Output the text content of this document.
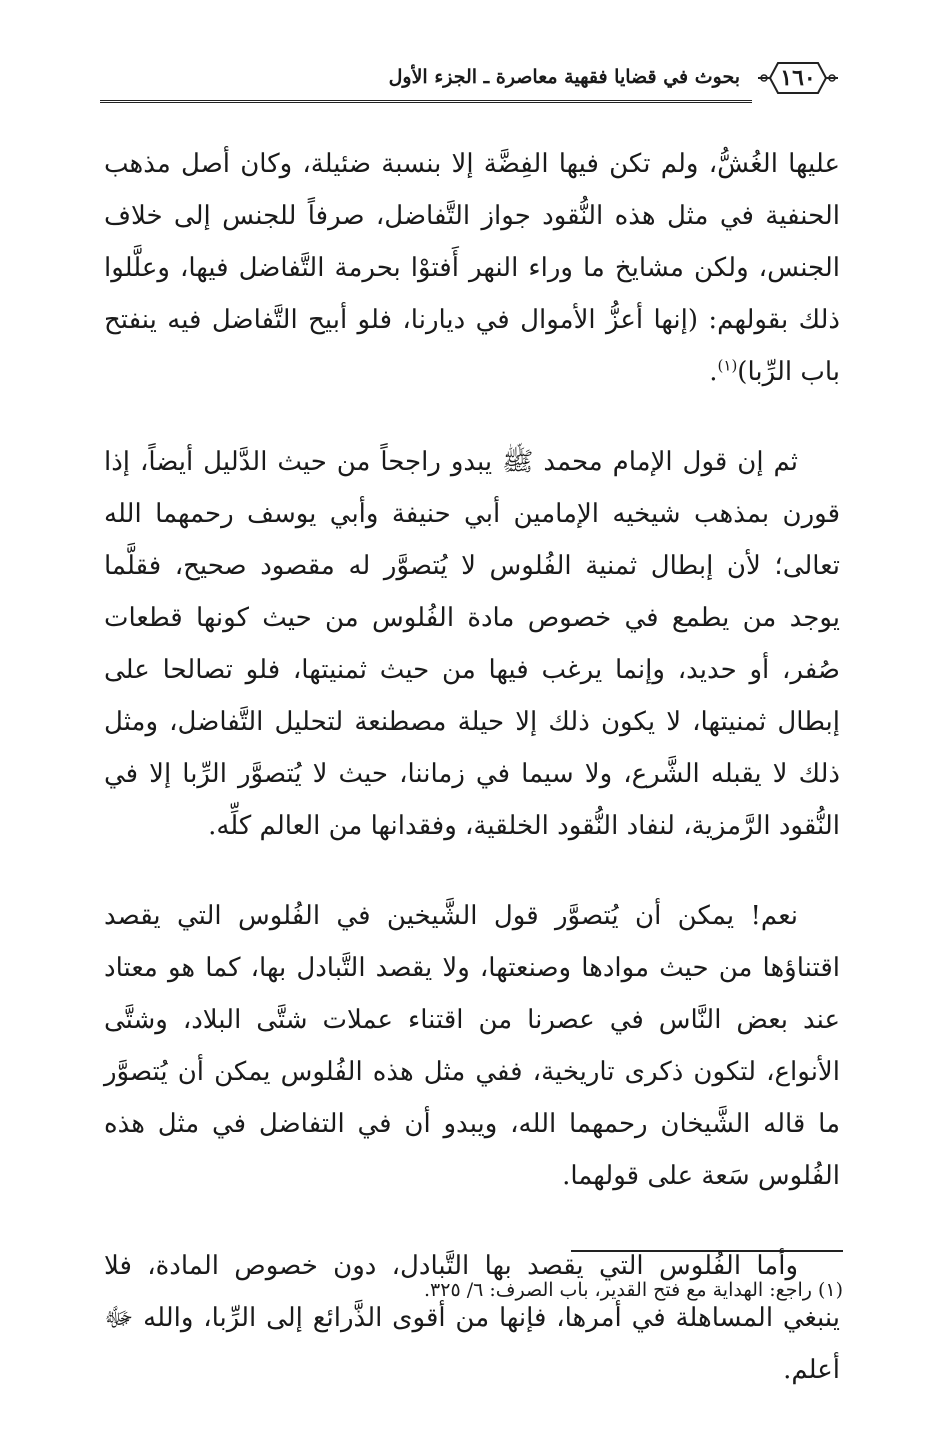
١٦٠
بحوث في قضايا فقهية معاصرة ـ الجزء الأول

عليها الغُشُّ، ولم تكن فيها الفِضَّة إلا بنسبة ضئيلة، وكان أصل مذهب الحنفية في مثل هذه النُّقود جواز التَّفاضل، صرفاً للجنس إلى خلاف الجنس، ولكن مشايخ ما وراء النهر أَفتوْا بحرمة التَّفاضل فيها، وعلَّلوا ذلك بقولهم: (إنها أعزُّ الأموال في ديارنا، فلو أبيح التَّفاضل فيه ينفتح باب الرِّبا)$^{(١)}$.

ثم إن قول الإمام محمد ﷺ يبدو راجحاً من حيث الدَّليل أيضاً، إذا قورن بمذهب شيخيه الإمامين أبي حنيفة وأبي يوسف رحمهما الله تعالى؛ لأن إبطال ثمنية الفُلوس لا يُتصوَّر له مقصود صحيح، فقلَّما يوجد من يطمع في خصوص مادة الفُلوس من حيث كونها قطعات صُفر، أو حديد، وإنما يرغب فيها من حيث ثمنيتها، فلو تصالحا على إبطال ثمنيتها، لا يكون ذلك إلا حيلة مصطنعة لتحليل التَّفاضل، ومثل ذلك لا يقبله الشَّرع، ولا سيما في زماننا، حيث لا يُتصوَّر الرِّبا إلا في النُّقود الرَّمزية، لنفاد النُّقود الخلقية، وفقدانها من العالم كلِّه.

نعم! يمكن أن يُتصوَّر قول الشَّيخين في الفُلوس التي يقصد اقتناؤها من حيث موادها وصنعتها، ولا يقصد التَّبادل بها، كما هو معتاد عند بعض النَّاس في عصرنا من اقتناء عملات شتَّى البلاد، وشتَّى الأنواع، لتكون ذكرى تاريخية، ففي مثل هذه الفُلوس يمكن أن يُتصوَّر ما قاله الشَّيخان رحمهما الله، ويبدو أن في التفاضل في مثل هذه الفُلوس سَعة على قولهما.

وأما الفُلوس التي يقصد بها التَّبادل، دون خصوص المادة، فلا ينبغي المساهلة في أمرها، فإنها من أقوى الذَّرائع إلى الرِّبا، والله ﷻ أعلم.

(١) راجع: الهداية مع فتح القدير، باب الصرف: ٦/ ٣٢٥.
